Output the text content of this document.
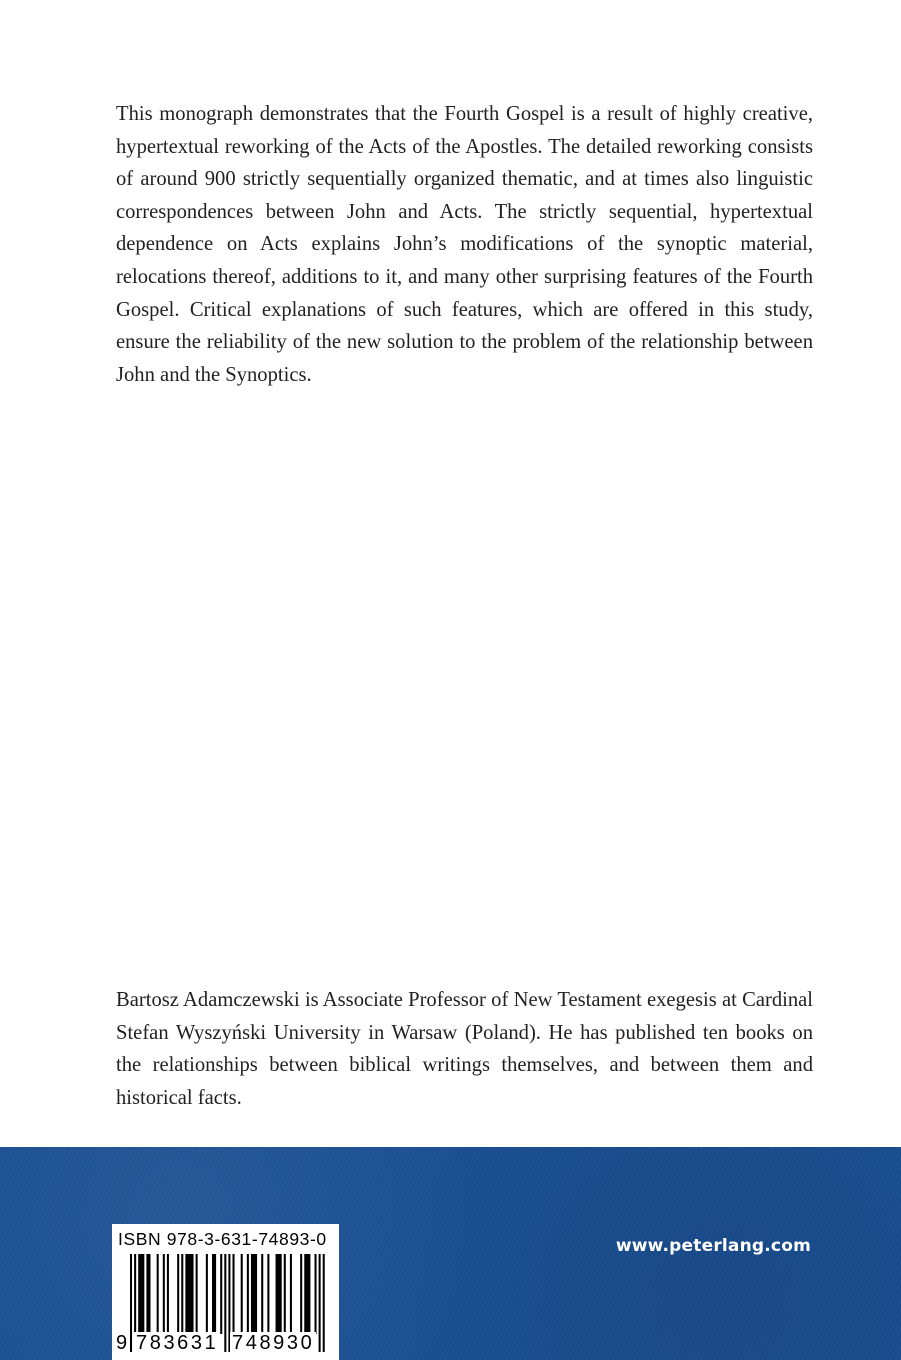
This monograph demonstrates that the Fourth Gospel is a result of highly creative, hypertextual reworking of the Acts of the Apostles. The detailed reworking consists of around 900 strictly sequentially organized thematic, and at times also linguistic correspondences between John and Acts. The strictly sequential, hypertextual dependence on Acts explains John’s modifications of the synoptic material, relocations thereof, additions to it, and many other surprising features of the Fourth Gospel. Critical explanations of such features, which are offered in this study, ensure the reliability of the new solution to the problem of the relationship between John and the Synoptics.

Bartosz Adamczewski is Associate Professor of New Testament exegesis at Cardinal Stefan Wyszyński University in Warsaw (Poland). He has published ten books on the relationships between biblical writings themselves, and between them and historical facts.

www.peterlang.com
ISBN 978-3-631-74893-0
9 783631 748930
